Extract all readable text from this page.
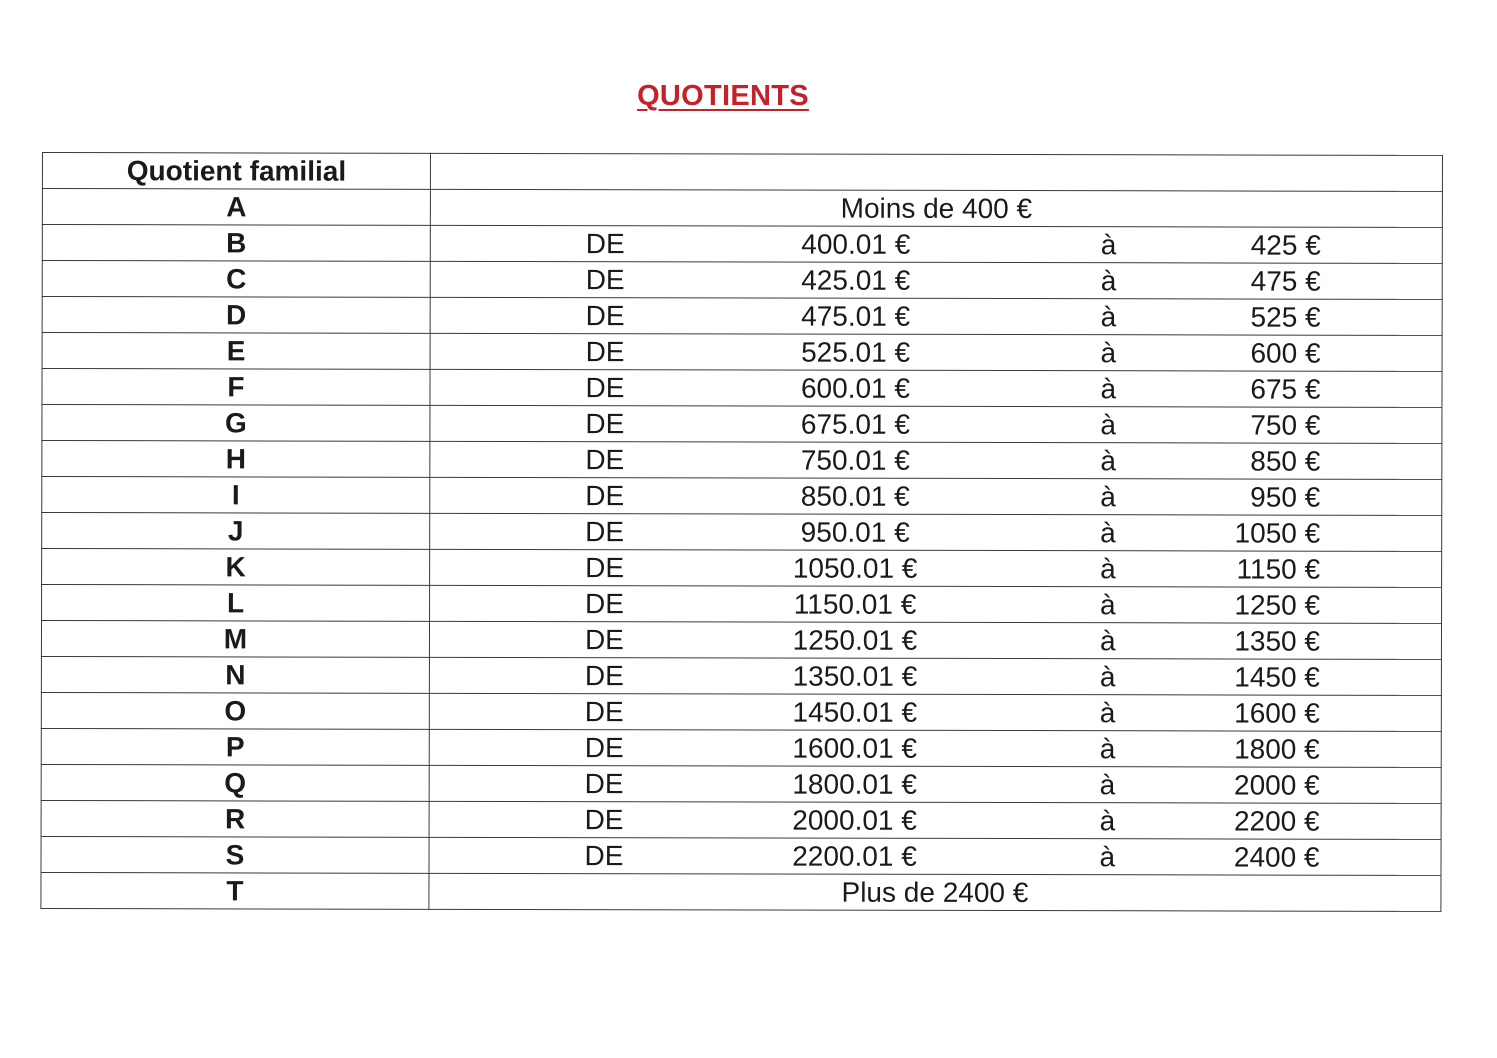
QUOTIENTS
Quotient familial	
A	Moins de 400 €
B	DE 400.01 € à 425 €

C	DE 425.01 € à 475 €

D	DE 475.01 € à 525 €

E	DE 525.01 € à 600 €

F	DE 600.01 € à 675 €

G	DE 675.01 € à 750 €

H	DE 750.01 € à 850 €

I	DE 850.01 € à 950 €

J	DE 950.01 € à 1050 €

K	DE 1050.01 € à 1150 €

L	DE 1150.01 € à 1250 €

M	DE 1250.01 € à 1350 €

N	DE 1350.01 € à 1450 €

O	DE 1450.01 € à 1600 €

P	DE 1600.01 € à 1800 €

Q	DE 1800.01 € à 2000 €

R	DE 2000.01 € à 2200 €

S	DE 2200.01 € à 2400 €

T	Plus de 2400 €
